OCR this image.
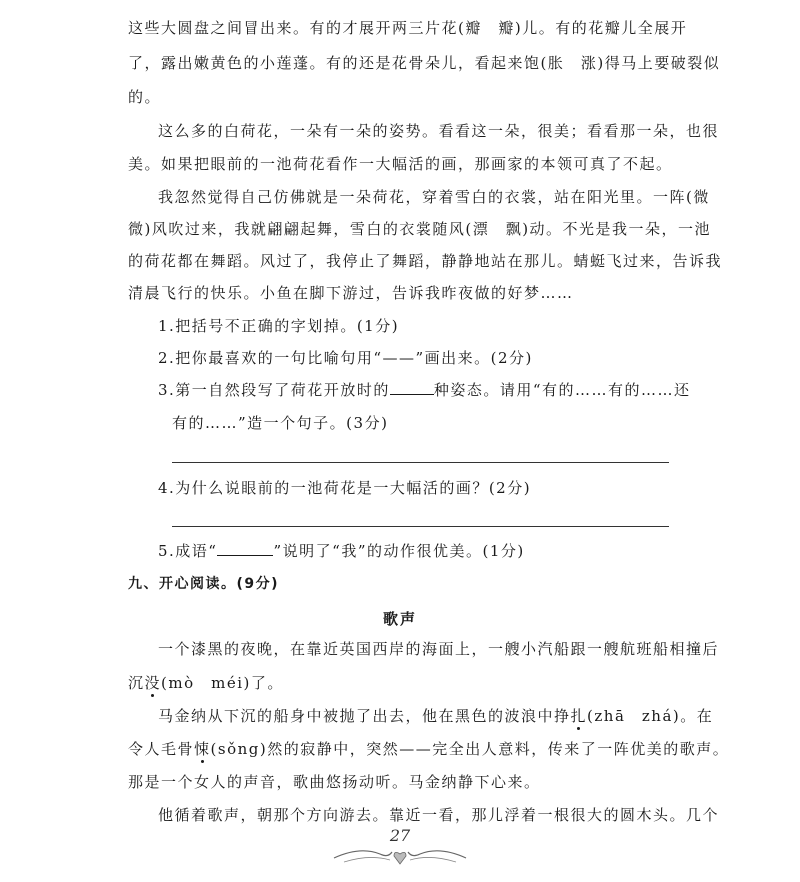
这些大圆盘之间冒出来。有的才展开两三片花(瓣　瓣)儿。有的花瓣儿全展开
了，露出嫩黄色的小莲蓬。有的还是花骨朵儿，看起来饱(胀　涨)得马上要破裂似
的。
这么多的白荷花，一朵有一朵的姿势。看看这一朵，很美；看看那一朵，也很
美。如果把眼前的一池荷花看作一大幅活的画，那画家的本领可真了不起。
我忽然觉得自己仿佛就是一朵荷花，穿着雪白的衣裳，站在阳光里。一阵(微
微)风吹过来，我就翩翩起舞，雪白的衣裳随风(漂　飘)动。不光是我一朵，一池
的荷花都在舞蹈。风过了，我停止了舞蹈，静静地站在那儿。蜻蜓飞过来，告诉我
清晨飞行的快乐。小鱼在脚下游过，告诉我昨夜做的好梦……
1.把括号不正确的字划掉。(1分)
2.把你最喜欢的一句比喻句用“——”画出来。(2分)
3.第一自然段写了荷花开放时的	种姿态。请用“有的……有的……还
有的……”造一个句子。(3分)
4.为什么说眼前的一池荷花是一大幅活的画？(2分)
5.成语“	”说明了“我”的动作很优美。(1分)
九、开心阅读。(9分)
歌声
一个漆黑的夜晚，在靠近英国西岸的海面上，一艘小汽船跟一艘航班船相撞后
沉没(mò　méi)了。
马金纳从下沉的船身中被抛了出去，他在黑色的波浪中挣扎(zhā　zhá)。在
令人毛骨悚(sǒng)然的寂静中，突然——完全出人意料，传来了一阵优美的歌声。
那是一个女人的声音，歌曲悠扬动听。马金纳静下心来。
他循着歌声，朝那个方向游去。靠近一看，那儿浮着一根很大的圆木头。几个
27
